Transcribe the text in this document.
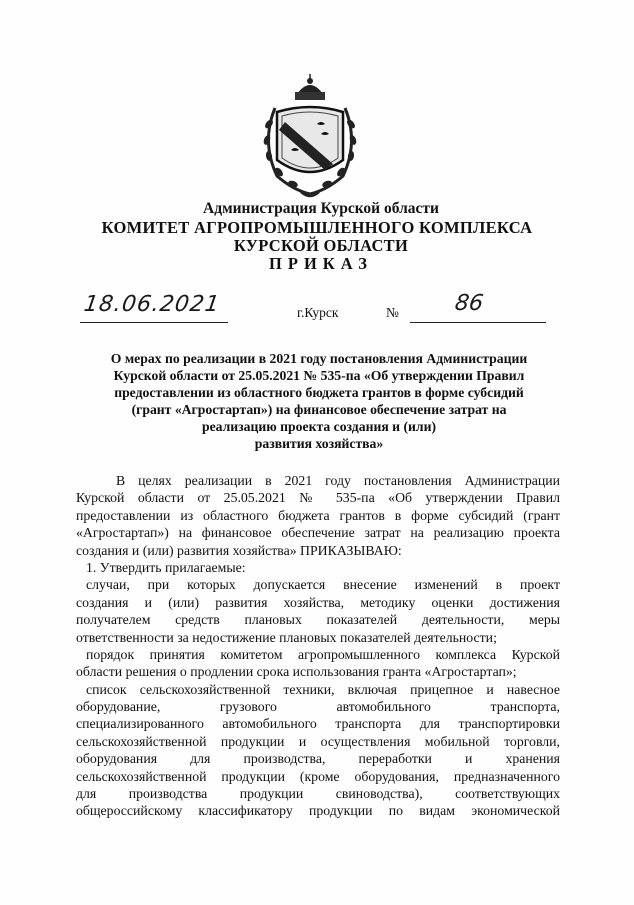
Администрация Курской области
КОМИТЕТ АГРОПРОМЫШЛЕННОГО КОМПЛЕКСА
КУРСКОЙ ОБЛАСТИ
ПРИКАЗ
18.06.2021	г.Курск	№ 86
О мерах по реализации в 2021 году постановления Администрации
Курской области от 25.05.2021 № 535-па «Об утверждении Правил
предоставлении из областного бюджета грантов в форме субсидий
(грант «Агростартап») на финансовое обеспечение затрат на
реализацию проекта создания и (или)
развития хозяйства»
В целях реализации в 2021 году постановления Администрации
Курской области от 25.05.2021 № 535-па «Об утверждении Правил
предоставлении из областного бюджета грантов в форме субсидий (грант
«Агростартап») на финансовое обеспечение затрат на реализацию проекта
создания и (или) развития хозяйства» ПРИКАЗЫВАЮ:
1. Утвердить прилагаемые:
случаи, при которых допускается внесение изменений в проект
создания и (или) развития хозяйства, методику оценки достижения
получателем средств плановых показателей деятельности, меры
ответственности за недостижение плановых показателей деятельности;
порядок принятия комитетом агропромышленного комплекса Курской
области решения о продлении срока использования гранта «Агростартап»;
список сельскохозяйственной техники, включая прицепное и навесное
оборудование, грузового автомобильного транспорта,
специализированного автомобильного транспорта для транспортировки
сельскохозяйственной продукции и осуществления мобильной торговли,
оборудования для производства, переработки и хранения
сельскохозяйственной продукции (кроме оборудования, предназначенного
для производства продукции свиноводства), соответствующих
общероссийскому классификатору продукции по видам экономической
